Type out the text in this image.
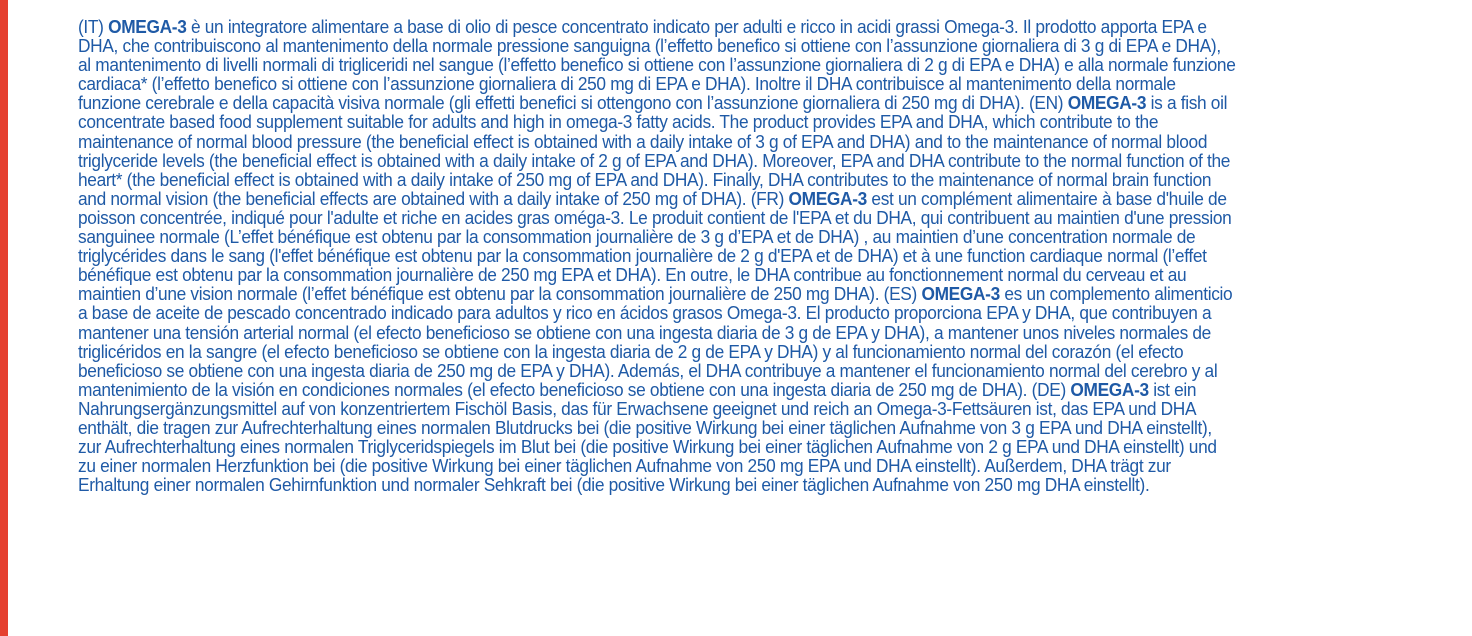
(IT) OMEGA-3 è un integratore alimentare a base di olio di pesce concentrato indicato per adulti e ricco in acidi grassi Omega-3. Il prodotto apporta EPA e
DHA, che contribuiscono al mantenimento della normale pressione sanguigna (l’effetto benefico si ottiene con l’assunzione giornaliera di 3 g di EPA e DHA),
al mantenimento di livelli normali di trigliceridi nel sangue (l’effetto benefico si ottiene con l’assunzione giornaliera di 2 g di EPA e DHA) e alla normale funzione
cardiaca* (l’effetto benefico si ottiene con l’assunzione giornaliera di 250 mg di EPA e DHA). Inoltre il DHA contribuisce al mantenimento della normale
funzione cerebrale e della capacità visiva normale (gli effetti benefici si ottengono con l’assunzione giornaliera di 250 mg di DHA). (EN) OMEGA-3 is a fish oil
concentrate based food supplement suitable for adults and high in omega-3 fatty acids. The product provides EPA and DHA, which contribute to the
maintenance of normal blood pressure (the beneficial effect is obtained with a daily intake of 3 g of EPA and DHA) and to the maintenance of normal blood
triglyceride levels (the beneficial effect is obtained with a daily intake of 2 g of EPA and DHA). Moreover, EPA and DHA contribute to the normal function of the
heart* (the beneficial effect is obtained with a daily intake of 250 mg of EPA and DHA). Finally, DHA contributes to the maintenance of normal brain function
and normal vision (the beneficial effects are obtained with a daily intake of 250 mg of DHA). (FR) OMEGA-3 est un complément alimentaire à base d'huile de
poisson concentrée, indiqué pour l'adulte et riche en acides gras oméga-3. Le produit contient de l'EPA et du DHA, qui contribuent au maintien d'une pression
sanguinee normale (L’effet bénéfique est obtenu par la consommation journalière de 3 g d’EPA et de DHA) , au maintien d’une concentration normale de
triglycérides dans le sang (l'effet bénéfique est obtenu par la consommation journalière de 2 g d'EPA et de DHA) et à une function cardiaque normal (l’effet
bénéfique est obtenu par la consommation journalière de 250 mg EPA et DHA). En outre, le DHA contribue au fonctionnement normal du cerveau et au
maintien d’une vision normale (l’effet bénéfique est obtenu par la consommation journalière de 250 mg DHA). (ES) OMEGA-3 es un complemento alimenticio
a base de aceite de pescado concentrado indicado para adultos y rico en ácidos grasos Omega-3. El producto proporciona EPA y DHA, que contribuyen a
mantener una tensión arterial normal (el efecto beneficioso se obtiene con una ingesta diaria de 3 g de EPA y DHA), a mantener unos niveles normales de
triglicéridos en la sangre (el efecto beneficioso se obtiene con la ingesta diaria de 2 g de EPA y DHA) y al funcionamiento normal del corazón (el efecto
beneficioso se obtiene con una ingesta diaria de 250 mg de EPA y DHA). Además, el DHA contribuye a mantener el funcionamiento normal del cerebro y al
mantenimiento de la visión en condiciones normales (el efecto beneficioso se obtiene con una ingesta diaria de 250 mg de DHA). (DE) OMEGA-3 ist ein
Nahrungsergänzungsmittel auf von konzentriertem Fischöl Basis, das für Erwachsene geeignet und reich an Omega-3-Fettsäuren ist, das EPA und DHA
enthält, die tragen zur Aufrechterhaltung eines normalen Blutdrucks bei (die positive Wirkung bei einer täglichen Aufnahme von 3 g EPA und DHA einstellt),
zur Aufrechterhaltung eines normalen Triglyceridspiegels im Blut bei (die positive Wirkung bei einer täglichen Aufnahme von 2 g EPA und DHA einstellt) und
zu einer normalen Herzfunktion bei (die positive Wirkung bei einer täglichen Aufnahme von 250 mg EPA und DHA einstellt). Außerdem, DHA trägt zur
Erhaltung einer normalen Gehirnfunktion und normaler Sehkraft bei (die positive Wirkung bei einer täglichen Aufnahme von 250 mg DHA einstellt).
